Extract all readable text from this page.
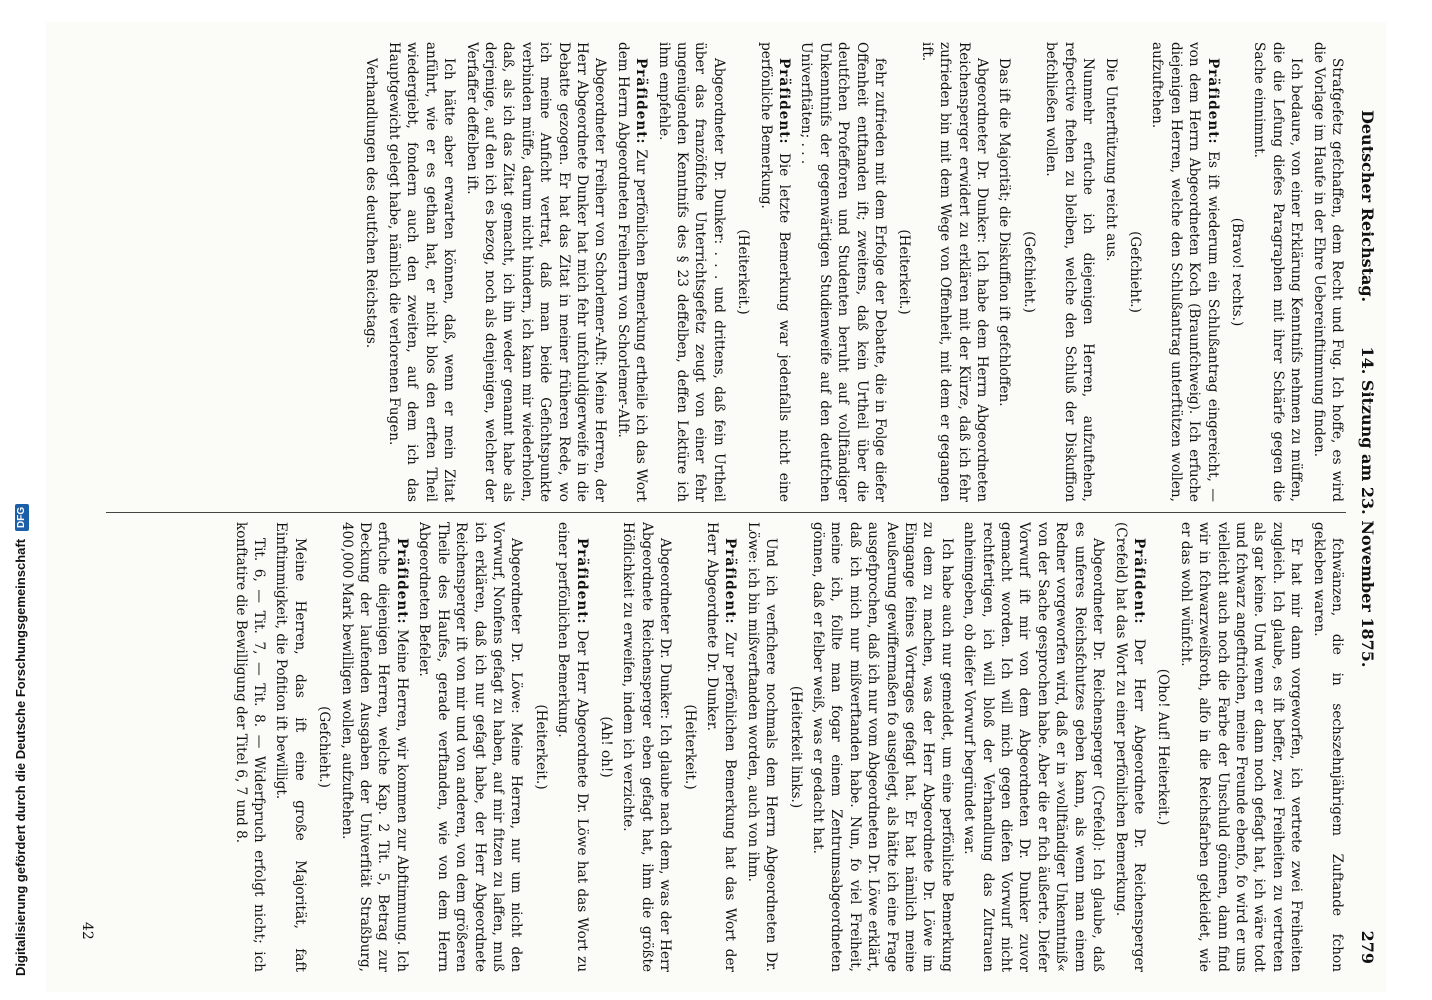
Digitalisierung gefördert durch die Deutsche ForschungsgemeinschaftDFG
Deutscher Reichstag.
14. Sitzung am 23. November 1875.
279

Strafgefetz gefchaffen, dem Recht und Fug. Ich hoffe, es wird die Vorlage im Haufe in der Ehre Uebereinftimmung finden.

Ich bedaure, von einer Erklärung Kenntnifs nehmen zu müffen, die die Lefung diefes Paragraphen mit ihrer Schärfe gegen die Sache einnimmt.

(Bravo! rechts.)

Präfident: Es ift wiederum ein Schlußantrag eingereicht, — von dem Herrn Abgeordneten Koch (Braunfchweig). Ich erfuche diejenigen Herren, welche den Schlußantrag unterftützen wollen, aufzuftehen.

(Gefchieht.)

Die Unterftützung reicht aus.

Nunmehr erfuche ich diejenigen Herren, aufzuftehen, refpective ftehen zu bleiben, welche den Schluß der Diskuffion befchließen wollen.

(Gefchieht.)

Das ift die Majorität; die Diskuffion ift gefchloffen.

Abgeordneter Dr. Dunker: Ich habe dem Herrn Abgeordneten Reichensperger erwidert zu erklären mit der Kürze, daß ich fehr zufrieden bin mit dem Wege von Offenheit, mit dem er gegangen ift.

(Heiterkeit.)

fehr zufrieden mit dem Erfolge der Debatte, die in Folge diefer Offenheit entftanden ift; zweitens, daß kein Urtheil über die deutfchen Profefforen und Studenten beruht auf vollftändiger Unkenntnifs der gegenwärtigen Studienweife auf den deutfchen Univerfitäten; . . .

Präfident: Die letzte Bemerkung war jedenfalls nicht eine perfönliche Bemerkung.

(Heiterkeit.)

Abgeordneter Dr. Dunker: . . . und drittens, daß fein Urtheil über das franzöfifche Unterrichtsgefetz zeugt von einer fehr ungenügenden Kenntnifs des § 23 deffelben, deffen Lektüre ich ihm empfehle.

Präfident: Zur perfönlichen Bemerkung ertheile ich das Wort dem Herrn Abgeordneten Freiherrn von Schorlemer-Alft.

Abgeordneter Freiherr von Schorlemer-Alft: Meine Herren, der Herr Abgeordnete Dunker hat mich fehr unfchuldigerweife in die Debatte gezogen. Er hat das Zitat in meiner früheren Rede, wo ich meine Anficht vertrat, daß man beide Gefichtspunkte verbinden müffe, darum nicht hindern, ich kann mir wiederholen, daß, als ich das Zitat gemacht, ich ihn weder genannt habe als derjenige, auf den ich es bezog, noch als denjenigen, welcher der Verfaffer deffelben ift.

Ich hätte aber erwarten können, daß, wenn er mein Zitat anführt, wie er es gethan hat, er nicht blos den erften Theil wiedergiebt, fondern auch den zweiten, auf dem ich das Hauptgewicht gelegt habe, nämlich die verlorenen Fugen.

Verhandlungen des deutfchen Reichstags.

fchwänzen, die in sechszehnjährigem Zuftande fchon gekleben waren.

Er hat mir dann vorgeworfen, ich vertrete zwei Freiheiten zugleich. Ich glaube, es ift beffer, zwei Freiheiten zu vertreten als gar keine. Und wenn er dann noch gefagt hat, ich wäre todt und fchwarz angeftrichen, meine Freunde ebenfo, fo wird er uns vielleicht auch noch die Farbe der Unschuld gönnen, dann find wir in fchwarzweißroth, alfo in die Reichsfarben gekleidet, wie er das wohl wünfcht.

(Oho! Auf! Heiterkeit.)

Präfident: Der Herr Abgeordnete Dr. Reichensperger (Crefeld) hat das Wort zu einer perfönlichen Bemerkung.

Abgeordneter Dr. Reichensperger (Crefeld): Ich glaube, daß es unferes Reichsfchutzes geben kann, als wenn man einem Redner vorgeworfen wird, daß er in »vollftändiger Unkenntniß« von der Sache gesprochen habe. Aber die er fich äußerte. Diefer Vorwurf ift mir von dem Abgeordneten Dr. Dunker zuvor gemacht worden. Ich will mich gegen diefen Vorwurf nicht rechtfertigen, ich will bloß der Verhandlung das Zutrauen anheimgeben, ob diefer Vorwurf begründet war.

Ich habe auch nur gemeldet, um eine perfönliche Bemerkung zu dem zu machen, was der Herr Abgeordnete Dr. Löwe im Eingange feines Vortrages gefagt hat. Er hat nämlich meine Aeußerung gewiffermaßen fo ausgelegt, als hätte ich eine Frage ausgefprochen, daß ich nur vom Abgeordneten Dr. Löwe erklärt, daß ich mich nur mißverftanden habe. Nun, fo viel Freiheit, meine ich, follte man fogar einem Zentrumsabgeordneten gönnen, daß er felber weiß, was er gedacht hat.

(Heiterkeit links.)

Und ich verfichere nochmals dem Herrn Abgeordneten Dr. Löwe: ich bin mißverftanden worden, auch von ihm.

Präfident: Zur perfönlichen Bemerkung hat das Wort der Herr Abgeordnete Dr. Dunker.

(Heiterkeit.)

Abgeordneter Dr. Dunker: Ich glaube nach dem, was der Herr Abgeordnete Reichensperger eben gefagt hat, ihm die größte Höflichkeit zu erweifen, indem ich verzichte.

(Ah! oh!)

Präfident: Der Herr Abgeordnete Dr. Löwe hat das Wort zu einer perfönlichen Bemerkung.

(Heiterkeit.)

Abgeordneter Dr. Löwe: Meine Herren, nur um nicht den Vorwurf, Nonfens gefagt zu haben, auf mir fitzen zu laffen, muß ich erklären, daß ich nur gefagt habe, der Herr Abgeordnete Reichensperger ift von mir und von anderen, von dem größeren Theile des Haufes, gerade verftanden, wie von dem Herrn Abgeordneten Befeler.

Präfident: Meine Herren, wir kommen zur Abftimmung. Ich erfuche diejenigen Herren, welche Kap. 2 Tit. 5, Betrag zur Deckung der laufenden Ausgaben der Univerfität Straßburg, 400,000 Mark bewilligen wollen, aufzuftehen.

(Gefchieht.)

Meine Herren, das ift eine große Majorität, faft Einftimmigkeit, die Pofition ift bewilligt.

Tit. 6, — Tit. 7, — Tit. 8. — Widerfpruch erfolgt nicht; ich konftatire die Bewilligung der Titel 6, 7 und 8.

42
